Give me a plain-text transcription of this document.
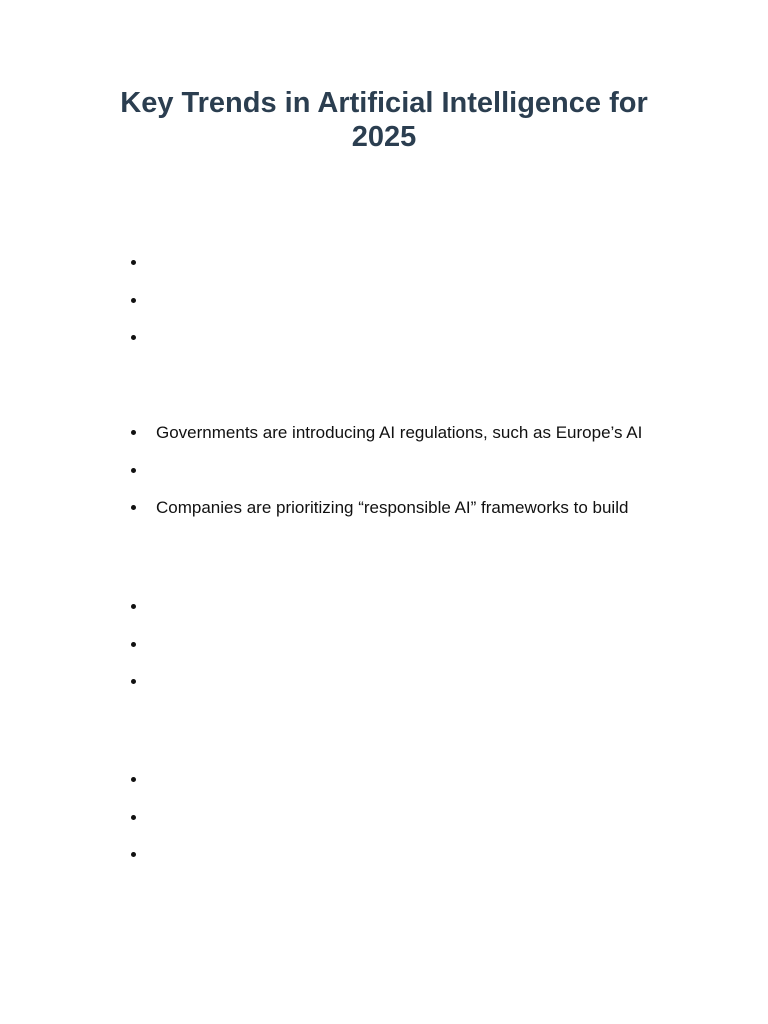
Key Trends in Artificial Intelligence for 2025
Governments are introducing AI regulations, such as Europe’s AI
Companies are prioritizing “responsible AI” frameworks to build
